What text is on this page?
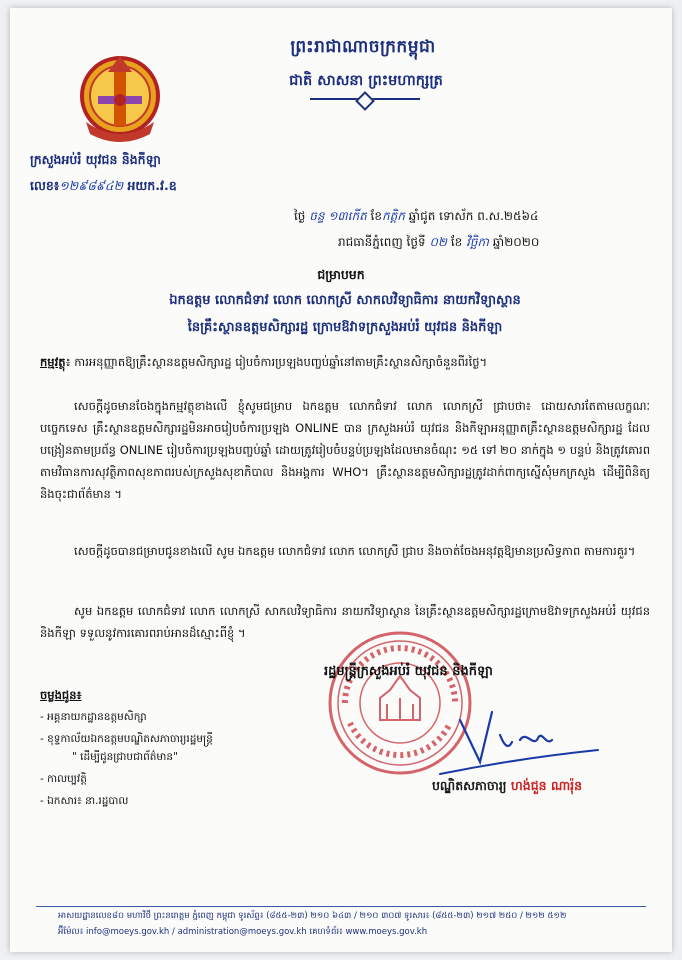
ព្រះរាជាណាចក្រកម្ពុជា
ជាតិ សាសនា ព្រះមហាក្សត្រ
ក្រសួងអប់រំ យុវជន និងកីឡា
លេខ៖១២៩៨៩៤២ អយក.វ.ឧ
ថ្ងៃ ចន្ទ ១៣កើត ខែកត្តិក ឆ្នាំជូត ទោស័ក ព.ស.២៥៦៤
រាជធានីភ្នំពេញ ថ្ងៃទី ០២ ខែ វិច្ឆិកា ឆ្នាំ២០២០
ជម្រាបមក
ឯកឧត្តម លោកជំទាវ លោក លោកស្រី សាកលវិទ្យាធិការ នាយកវិទ្យាស្ថាន
នៃគ្រឹះស្ថានឧត្តមសិក្សារដ្ឋ ក្រោមឱវាទក្រសួងអប់រំ យុវជន និងកីឡា
កម្មវត្ថុ៖ ការអនុញ្ញាតឱ្យគ្រឹះស្ថានឧត្តមសិក្សារដ្ឋ រៀបចំការប្រឡងបញ្ចប់ឆ្នាំនៅតាមគ្រឹះស្ថានសិក្សាចំនួនពីរថ្ងៃ។
សេចក្តីដូចមានចែងក្នុងកម្មវត្ថុខាងលើ ខ្ញុំសូមជម្រាប ឯកឧត្តម លោកជំទាវ លោក លោកស្រី ជ្រាបថា៖ ដោយសារតែតាមលក្ខណៈបច្ចេកទេស គ្រឹះស្ថានឧត្តមសិក្សារដ្ឋមិនអាចរៀបចំការប្រឡង ONLINE បាន ក្រសួងអប់រំ យុវជន និងកីឡាអនុញ្ញាតគ្រឹះស្ថានឧត្តមសិក្សារដ្ឋ ដែលបង្រៀនតាមប្រព័ន្ធ ONLINE រៀបចំការប្រឡងបញ្ចប់ឆ្នាំ ដោយត្រូវរៀបចំបន្ទប់ប្រឡងដែលមានចំណុះ ១៥ ទៅ ២០ នាក់ក្នុង ១ បន្ទប់ និងត្រូវគោរពតាមវិធានការសុវត្ថិភាពសុខភាពរបស់ក្រសួងសុខាភិបាល និងអង្គការ WHO។ គ្រឹះស្ថានឧត្តមសិក្សារដ្ឋត្រូវដាក់ពាក្យស្នើសុំមកក្រសួង ដើម្បីពិនិត្យ និងចុះជាព័ត៌មាន ។
សេចក្តីដូចបានជម្រាបជូនខាងលើ សូម ឯកឧត្តម លោកជំទាវ លោក លោកស្រី ជ្រាប និងចាត់ចែងអនុវត្តឱ្យមានប្រសិទ្ធភាព តាមការគួរ។
សូម ឯកឧត្តម លោកជំទាវ លោក លោកស្រី សាកលវិទ្យាធិការ នាយកវិទ្យាស្ថាន នៃគ្រឹះស្ថានឧត្តមសិក្សារដ្ឋក្រោមឱវាទក្រសួងអប់រំ យុវជន និងកីឡា ទទួលនូវការគោរពរាប់អានដ៏ស្មោះពីខ្ញុំ ។
រដ្ឋមន្ត្រីក្រសួងអប់រំ យុវជន និងកីឡា
បណ្ឌិតសភាចារ្យ ហង់ជួន ណារ៉ុន
ចម្លងជូន៖
- អគ្គនាយកដ្ឋានឧត្តមសិក្សា
- ខុទ្ទកាល័យឯកឧត្តមបណ្ឌិតសភាចារ្យរដ្ឋមន្ត្រី
" ដើម្បីជូនជ្រាបជាព័ត៌មាន"
- កាលប្បវត្តិ
- ឯកសារ៖ នា.រដ្ឋបាល
អាសយដ្ឋានលេខ៨០ មហាវិថី ព្រះនរោត្តម ភ្នំពេញ កម្ពុជា ទូរស័ព្ទ៖ (៨៥៥-២៣) ២១០ ៦៤៣ / ២១០ ៣០៧ ទូរសារ៖ (៨៥៥-២៣) ២១៧ ២៥០ / ២១២ ៥១២
អ៊ីម៉ែល៖ info@moeys.gov.kh / administration@moeys.gov.kh គេហទំព័រ៖ www.moeys.gov.kh
